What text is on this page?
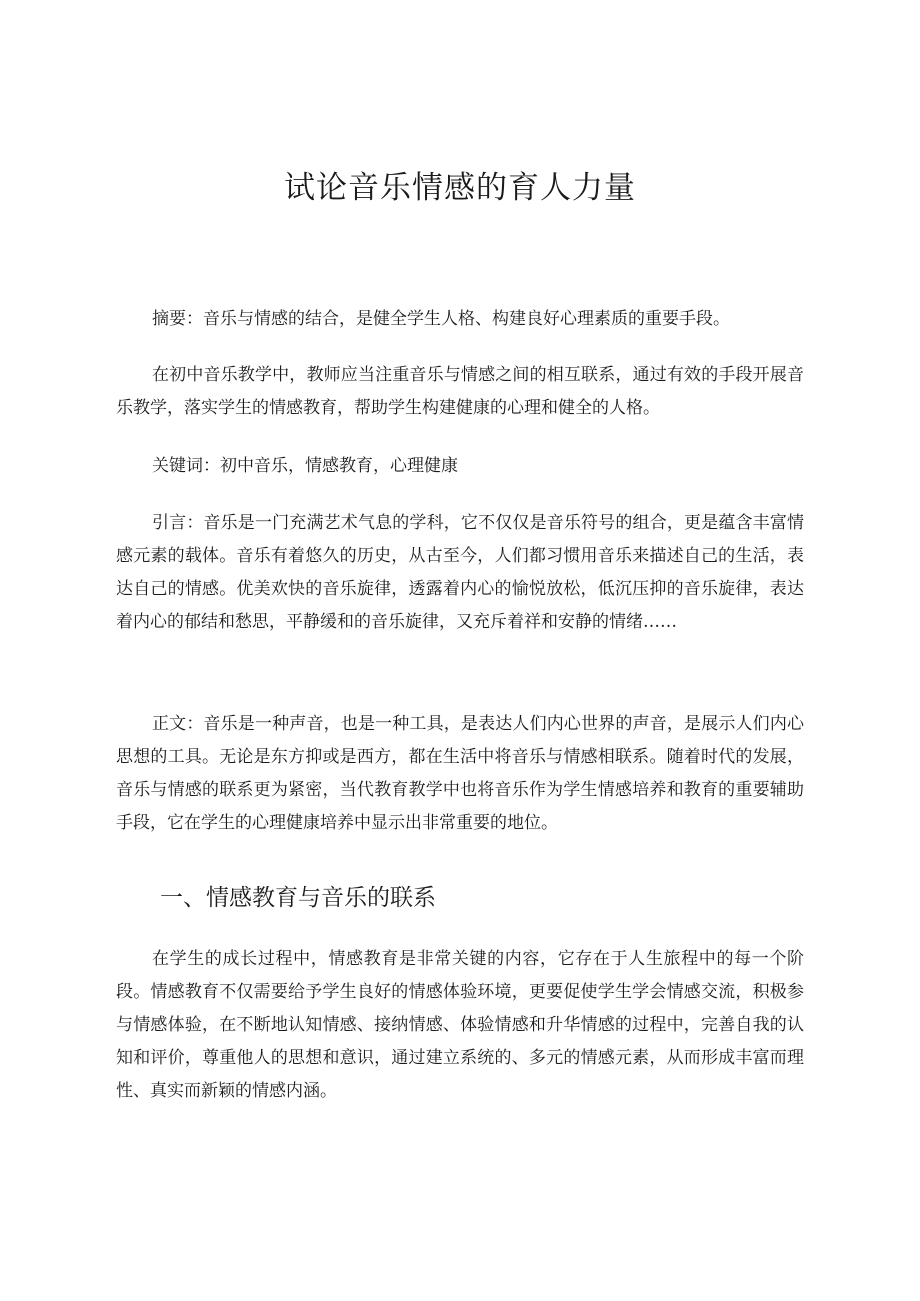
试论音乐情感的育人力量

摘要：音乐与情感的结合，是健全学生人格、构建良好心理素质的重要手段。

在初中音乐教学中，教师应当注重音乐与情感之间的相互联系，通过有效的手段开展音乐教学，落实学生的情感教育，帮助学生构建健康的心理和健全的人格。

关键词：初中音乐，情感教育，心理健康

引言：音乐是一门充满艺术气息的学科，它不仅仅是音乐符号的组合，更是蕴含丰富情感元素的载体。音乐有着悠久的历史，从古至今，人们都习惯用音乐来描述自己的生活，表达自己的情感。优美欢快的音乐旋律，透露着内心的愉悦放松，低沉压抑的音乐旋律，表达着内心的郁结和愁思，平静缓和的音乐旋律，又充斥着祥和安静的情绪……

正文：音乐是一种声音，也是一种工具，是表达人们内心世界的声音，是展示人们内心思想的工具。无论是东方抑或是西方，都在生活中将音乐与情感相联系。随着时代的发展，音乐与情感的联系更为紧密，当代教育教学中也将音乐作为学生情感培养和教育的重要辅助手段，它在学生的心理健康培养中显示出非常重要的地位。

一、情感教育与音乐的联系

在学生的成长过程中，情感教育是非常关键的内容，它存在于人生旅程中的每一个阶段。情感教育不仅需要给予学生良好的情感体验环境，更要促使学生学会情感交流，积极参与情感体验，在不断地认知情感、接纳情感、体验情感和升华情感的过程中，完善自我的认知和评价，尊重他人的思想和意识，通过建立系统的、多元的情感元素，从而形成丰富而理性、真实而新颖的情感内涵。
